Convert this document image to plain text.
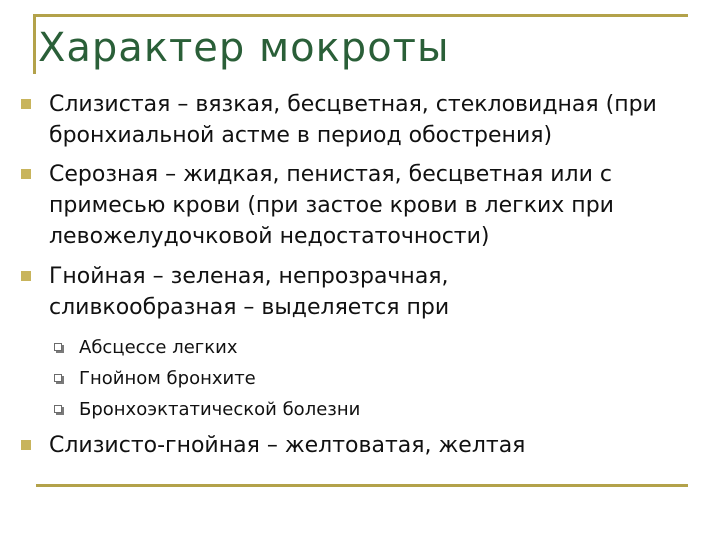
Характер мокроты
Слизистая – вязкая, бесцветная, стекловидная (при бронхиальной астме в период обострения)
Серозная – жидкая, пенистая, бесцветная или с примесью крови (при застое крови в легких при левожелудочковой недостаточности)
Гнойная – зеленая, непрозрачная, сливкообразная – выделяется при
Абсцессе легких
Гнойном бронхите
Бронхоэктатической болезни
Слизисто-гнойная – желтоватая, желтая
